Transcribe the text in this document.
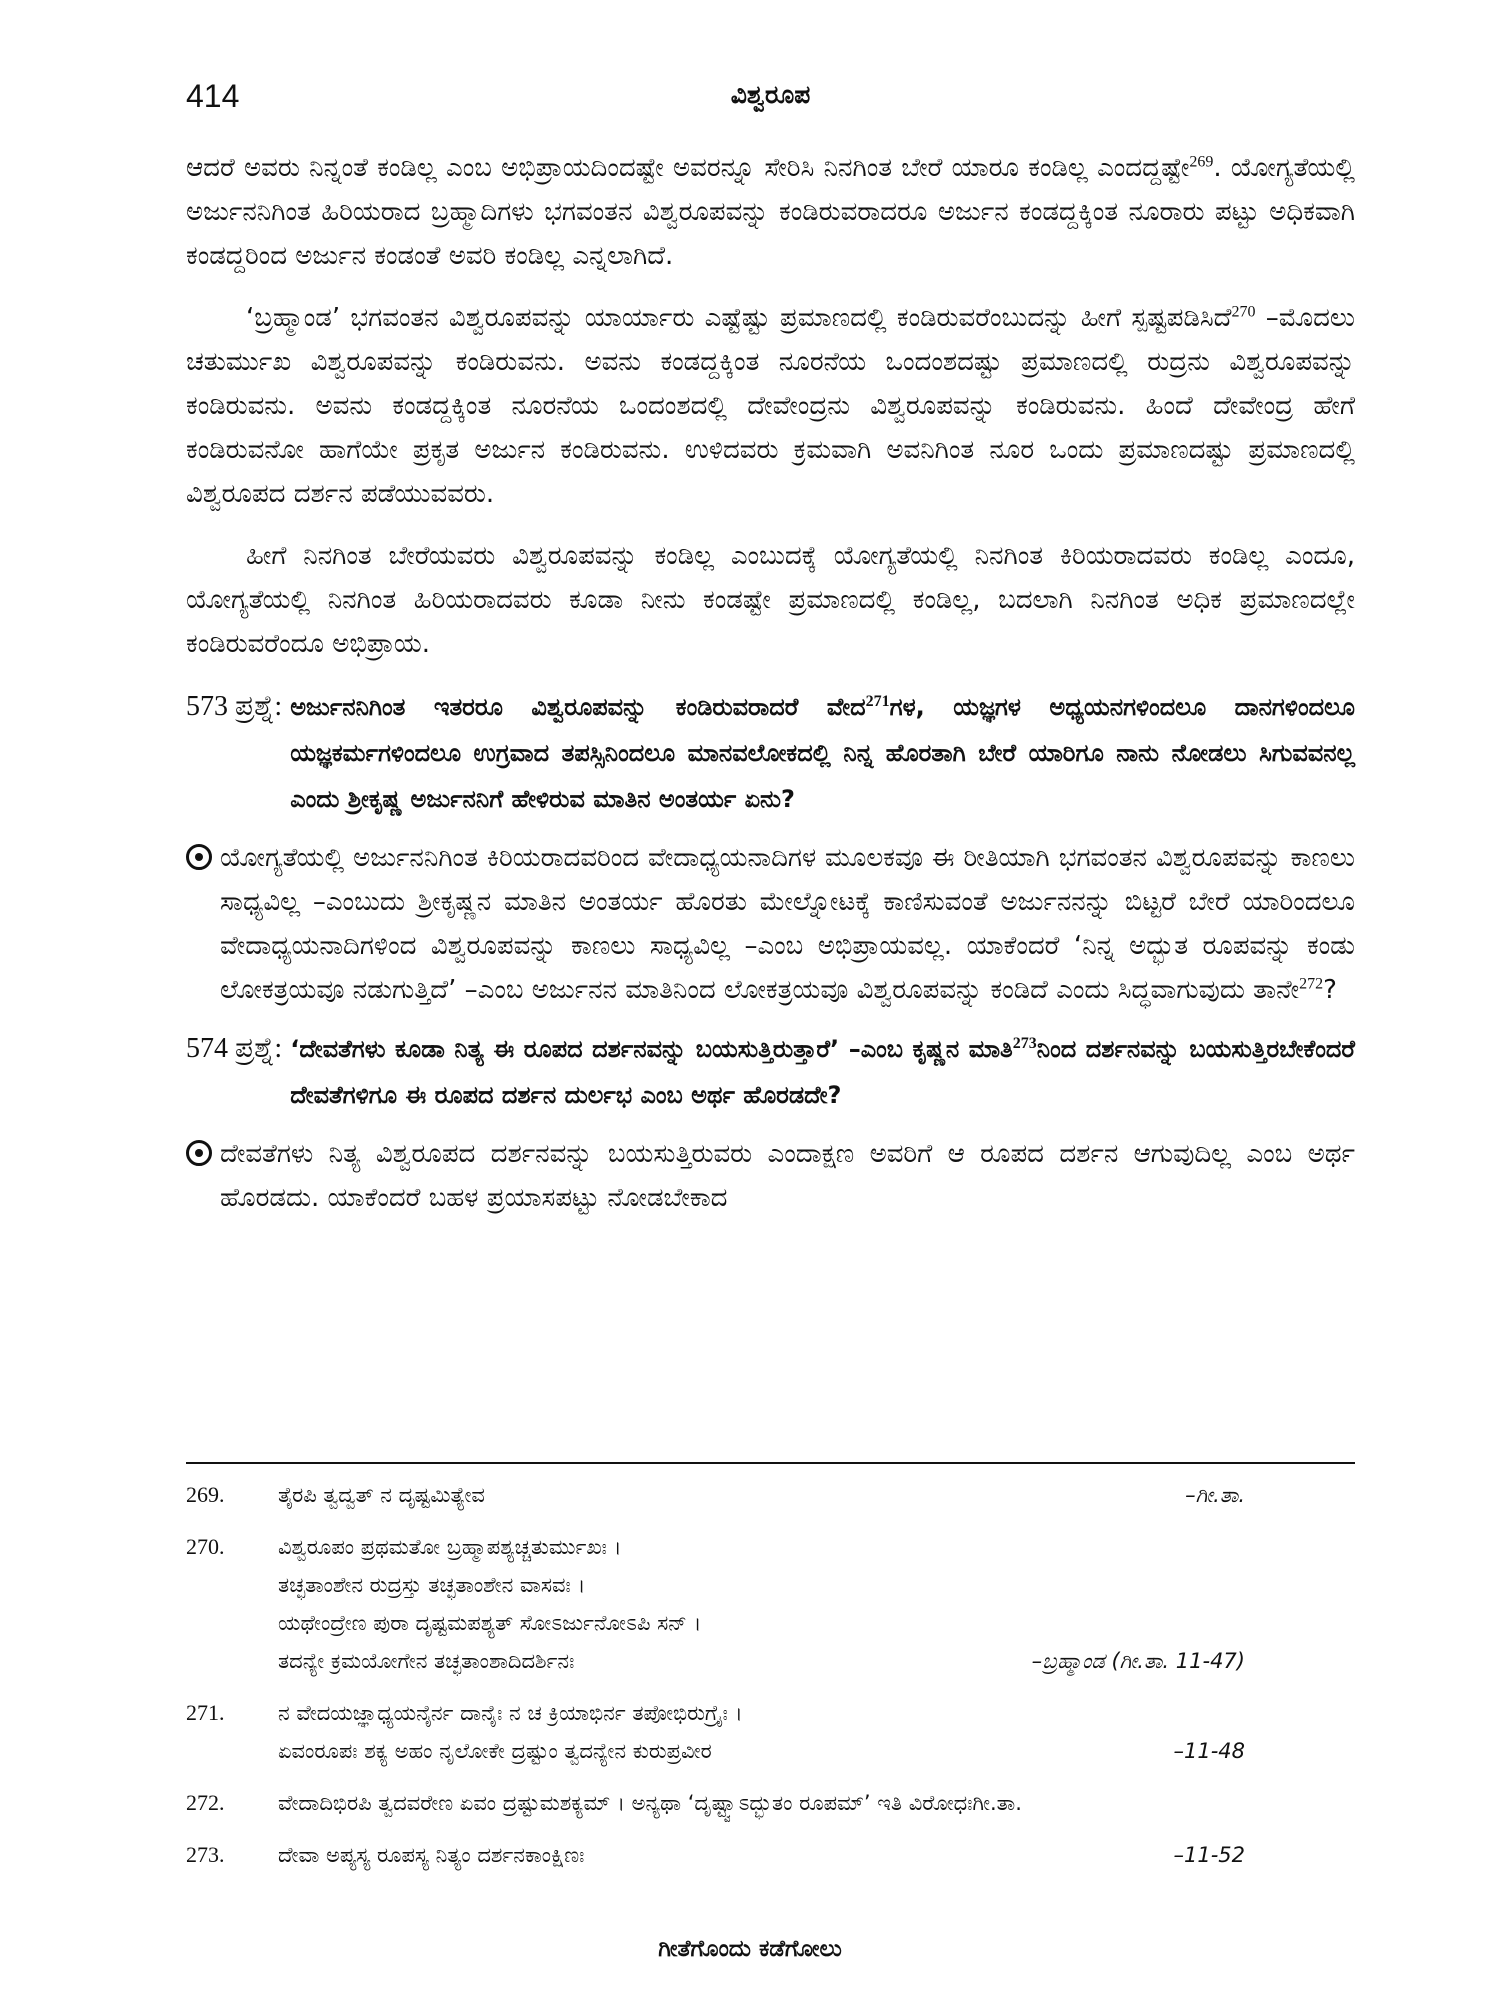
414	ವಿಶ್ವರೂಪ

ಆದರೆ ಅವರು ನಿನ್ನಂತೆ ಕಂಡಿಲ್ಲ ಎಂಬ ಅಭಿಪ್ರಾಯದಿಂದಷ್ಟೇ ಅವರನ್ನೂ ಸೇರಿಸಿ ನಿನಗಿಂತ ಬೇರೆ ಯಾರೂ ಕಂಡಿಲ್ಲ ಎಂದದ್ದಷ್ಟೇ$^{269}$. ಯೋಗ್ಯತೆಯಲ್ಲಿ ಅರ್ಜುನನಿಗಿಂತ ಹಿರಿಯರಾದ ಬ್ರಹ್ಮಾದಿಗಳು ಭಗವಂತನ ವಿಶ್ವರೂಪವನ್ನು ಕಂಡಿರುವರಾದರೂ ಅರ್ಜುನ ಕಂಡದ್ದಕ್ಕಿಂತ ನೂರಾರು ಪಟ್ಟು ಅಧಿಕವಾಗಿ ಕಂಡದ್ದರಿಂದ ಅರ್ಜುನ ಕಂಡಂತೆ ಅವರಿ ಕಂಡಿಲ್ಲ ಎನ್ನಲಾಗಿದೆ.

‘ಬ್ರಹ್ಮಾಂಡ’ ಭಗವಂತನ ವಿಶ್ವರೂಪವನ್ನು ಯಾರ್ಯಾರು ಎಷ್ಟೆಷ್ಟು ಪ್ರಮಾಣದಲ್ಲಿ ಕಂಡಿರುವರೆಂಬುದನ್ನು ಹೀಗೆ ಸ್ಪಷ್ಟಪಡಿಸಿದೆ$^{270}$ –ಮೊದಲು ಚತುರ್ಮುಖ ವಿಶ್ವರೂಪವನ್ನು ಕಂಡಿರುವನು. ಅವನು ಕಂಡದ್ದಕ್ಕಿಂತ ನೂರನೆಯ ಒಂದಂಶದಷ್ಟು ಪ್ರಮಾಣದಲ್ಲಿ ರುದ್ರನು ವಿಶ್ವರೂಪವನ್ನು ಕಂಡಿರುವನು. ಅವನು ಕಂಡದ್ದಕ್ಕಿಂತ ನೂರನೆಯ ಒಂದಂಶದಲ್ಲಿ ದೇವೇಂದ್ರನು ವಿಶ್ವರೂಪವನ್ನು ಕಂಡಿರುವನು. ಹಿಂದೆ ದೇವೇಂದ್ರ ಹೇಗೆ ಕಂಡಿರುವನೋ ಹಾಗೆಯೇ ಪ್ರಕೃತ ಅರ್ಜುನ ಕಂಡಿರುವನು. ಉಳಿದವರು ಕ್ರಮವಾಗಿ ಅವನಿಗಿಂತ ನೂರ ಒಂದು ಪ್ರಮಾಣದಷ್ಟು ಪ್ರಮಾಣದಲ್ಲಿ ವಿಶ್ವರೂಪದ ದರ್ಶನ ಪಡೆಯುವವರು.

ಹೀಗೆ ನಿನಗಿಂತ ಬೇರೆಯವರು ವಿಶ್ವರೂಪವನ್ನು ಕಂಡಿಲ್ಲ ಎಂಬುದಕ್ಕೆ ಯೋಗ್ಯತೆಯಲ್ಲಿ ನಿನಗಿಂತ ಕಿರಿಯರಾದವರು ಕಂಡಿಲ್ಲ ಎಂದೂ, ಯೋಗ್ಯತೆಯಲ್ಲಿ ನಿನಗಿಂತ ಹಿರಿಯರಾದವರು ಕೂಡಾ ನೀನು ಕಂಡಷ್ಟೇ ಪ್ರಮಾಣದಲ್ಲಿ ಕಂಡಿಲ್ಲ, ಬದಲಾಗಿ ನಿನಗಿಂತ ಅಧಿಕ ಪ್ರಮಾಣದಲ್ಲೇ ಕಂಡಿರುವರೆಂದೂ ಅಭಿಪ್ರಾಯ.

573 ಪ್ರಶ್ನೆ: ಅರ್ಜುನನಿಗಿಂತ ಇತರರೂ ವಿಶ್ವರೂಪವನ್ನು ಕಂಡಿರುವರಾದರೆ ವೇದ$^{271}$ಗಳ, ಯಜ್ಞಗಳ ಅಧ್ಯಯನಗಳಿಂದಲೂ ದಾನಗಳಿಂದಲೂ ಯಜ್ಞಕರ್ಮಗಳಿಂದಲೂ ಉಗ್ರವಾದ ತಪಸ್ಸಿನಿಂದಲೂ ಮಾನವಲೋಕದಲ್ಲಿ ನಿನ್ನ ಹೊರತಾಗಿ ಬೇರೆ ಯಾರಿಗೂ ನಾನು ನೋಡಲು ಸಿಗುವವನಲ್ಲ ಎಂದು ಶ್ರೀಕೃಷ್ಣ ಅರ್ಜುನನಿಗೆ ಹೇಳಿರುವ ಮಾತಿನ ಅಂತರ್ಯ ಏನು?
ಯೋಗ್ಯತೆಯಲ್ಲಿ ಅರ್ಜುನನಿಗಿಂತ ಕಿರಿಯರಾದವರಿಂದ ವೇದಾಧ್ಯಯನಾದಿಗಳ ಮೂಲಕವೂ ಈ ರೀತಿಯಾಗಿ ಭಗವಂತನ ವಿಶ್ವರೂಪವನ್ನು ಕಾಣಲು ಸಾಧ್ಯವಿಲ್ಲ –ಎಂಬುದು ಶ್ರೀಕೃಷ್ಣನ ಮಾತಿನ ಅಂತರ್ಯ ಹೊರತು ಮೇಲ್ನೋಟಕ್ಕೆ ಕಾಣಿಸುವಂತೆ ಅರ್ಜುನನನ್ನು ಬಿಟ್ಟರೆ ಬೇರೆ ಯಾರಿಂದಲೂ ವೇದಾಧ್ಯಯನಾದಿಗಳಿಂದ ವಿಶ್ವರೂಪವನ್ನು ಕಾಣಲು ಸಾಧ್ಯವಿಲ್ಲ –ಎಂಬ ಅಭಿಪ್ರಾಯವಲ್ಲ. ಯಾಕೆಂದರೆ ‘ನಿನ್ನ ಅದ್ಭುತ ರೂಪವನ್ನು ಕಂಡು ಲೋಕತ್ರಯವೂ ನಡುಗುತ್ತಿದೆ’ –ಎಂಬ ಅರ್ಜುನನ ಮಾತಿನಿಂದ ಲೋಕತ್ರಯವೂ ವಿಶ್ವರೂಪವನ್ನು ಕಂಡಿದೆ ಎಂದು ಸಿದ್ಧವಾಗುವುದು ತಾನೇ$^{272}$?
574 ಪ್ರಶ್ನೆ: ‘ದೇವತೆಗಳು ಕೂಡಾ ನಿತ್ಯ ಈ ರೂಪದ ದರ್ಶನವನ್ನು ಬಯಸುತ್ತಿರುತ್ತಾರೆ’ –ಎಂಬ ಕೃಷ್ಣನ ಮಾತಿ$^{273}$ನಿಂದ ದರ್ಶನವನ್ನು ಬಯಸುತ್ತಿರಬೇಕೆಂದರೆ ದೇವತೆಗಳಿಗೂ ಈ ರೂಪದ ದರ್ಶನ ದುರ್ಲಭ ಎಂಬ ಅರ್ಥ ಹೊರಡದೇ?
ದೇವತೆಗಳು ನಿತ್ಯ ವಿಶ್ವರೂಪದ ದರ್ಶನವನ್ನು ಬಯಸುತ್ತಿರುವರು ಎಂದಾಕ್ಷಣ ಅವರಿಗೆ ಆ ರೂಪದ ದರ್ಶನ ಆಗುವುದಿಲ್ಲ ಎಂಬ ಅರ್ಥ ಹೊರಡದು. ಯಾಕೆಂದರೆ ಬಹಳ ಪ್ರಯಾಸಪಟ್ಟು ನೋಡಬೇಕಾದ
269.	ತೈರಪಿ ತ್ವದ್ವತ್ ನ ದೃಷ್ಟಮಿತ್ಯೇವ	–ಗೀ.ತಾ.
270.	ವಿಶ್ವರೂಪಂ ಪ್ರಥಮತೋ ಬ್ರಹ್ಮಾಪಶ್ಯಚ್ಚತುರ್ಮುಖಃ ।
ತಚ್ಛತಾಂಶೇನ ರುದ್ರಸ್ತು ತಚ್ಛತಾಂಶೇನ ವಾಸವಃ ।
ಯಥೇಂದ್ರೇಣ ಪುರಾ ದೃಷ್ಟಮಪಶ್ಯತ್ ಸೋಽರ್ಜುನೋಽಪಿ ಸನ್ ।
ತದನ್ಯೇ ಕ್ರಮಯೋಗೇನ ತಚ್ಛತಾಂಶಾದಿದರ್ಶಿನಃ	–ಬ್ರಹ್ಮಾಂಡ (ಗೀ.ತಾ. 11-47)
271.	ನ ವೇದಯಜ್ಞಾಧ್ಯಯನೈರ್ನ ದಾನೈಃ ನ ಚ ಕ್ರಿಯಾಭಿರ್ನ ತಪೋಭಿರುಗ್ರೈಃ ।
ಏವಂರೂಪಃ ಶಕ್ಯ ಅಹಂ ನೃಲೋಕೇ ದ್ರಷ್ಟುಂ ತ್ವದನ್ಯೇನ ಕುರುಪ್ರವೀರ	–11-48
272.	ವೇದಾದಿಭಿರಪಿ ತ್ವದವರೇಣ ಏವಂ ದ್ರಷ್ಟುಮಶಕ್ಯಮ್ । ಅನ್ಯಥಾ ‘ದೃಷ್ಟ್ವಾಽದ್ಭುತಂ ರೂಪಮ್’ ಇತಿ ವಿರೋಧಃ ಗೀ.ತಾ.
273.	ದೇವಾ ಅಪ್ಯಸ್ಯ ರೂಪಸ್ಯ ನಿತ್ಯಂ ದರ್ಶನಕಾಂಕ್ಷಿಣಃ	–11-52
ಗೀತೆಗೊಂದು ಕಡೆಗೋಲು
